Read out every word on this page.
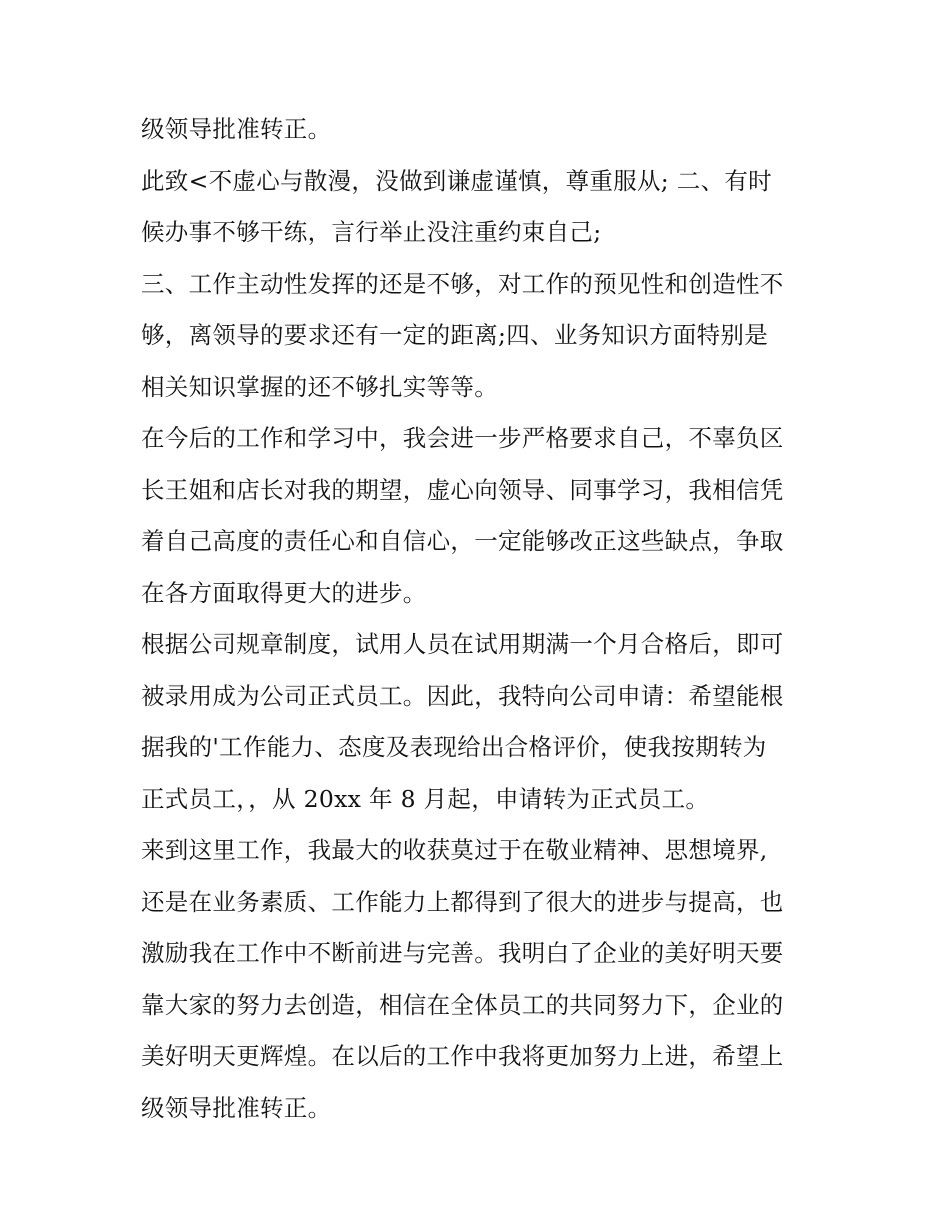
级领导批准转正。
此致<不虚心与散漫，没做到谦虚谨慎，尊重服从; 二、有时
候办事不够干练，言行举止没注重约束自己;
三、工作主动性发挥的还是不够，对工作的预见性和创造性不
够，离领导的要求还有一定的距离;四、业务知识方面特别是
相关知识掌握的还不够扎实等等。
在今后的工作和学习中，我会进一步严格要求自己，不辜负区
长王姐和店长对我的期望，虚心向领导、同事学习，我相信凭
着自己高度的责任心和自信心，一定能够改正这些缺点，争取
在各方面取得更大的进步。
根据公司规章制度，试用人员在试用期满一个月合格后，即可
被录用成为公司正式员工。因此，我特向公司申请：希望能根
据我的'工作能力、态度及表现给出合格评价，使我按期转为
正式员工，，从 20xx 年 8 月起，申请转为正式员工。
来到这里工作，我最大的收获莫过于在敬业精神、思想境界,
还是在业务素质、工作能力上都得到了很大的进步与提高，也
激励我在工作中不断前进与完善。我明白了企业的美好明天要
靠大家的努力去创造，相信在全体员工的共同努力下，企业的
美好明天更辉煌。在以后的工作中我将更加努力上进，希望上
级领导批准转正。
